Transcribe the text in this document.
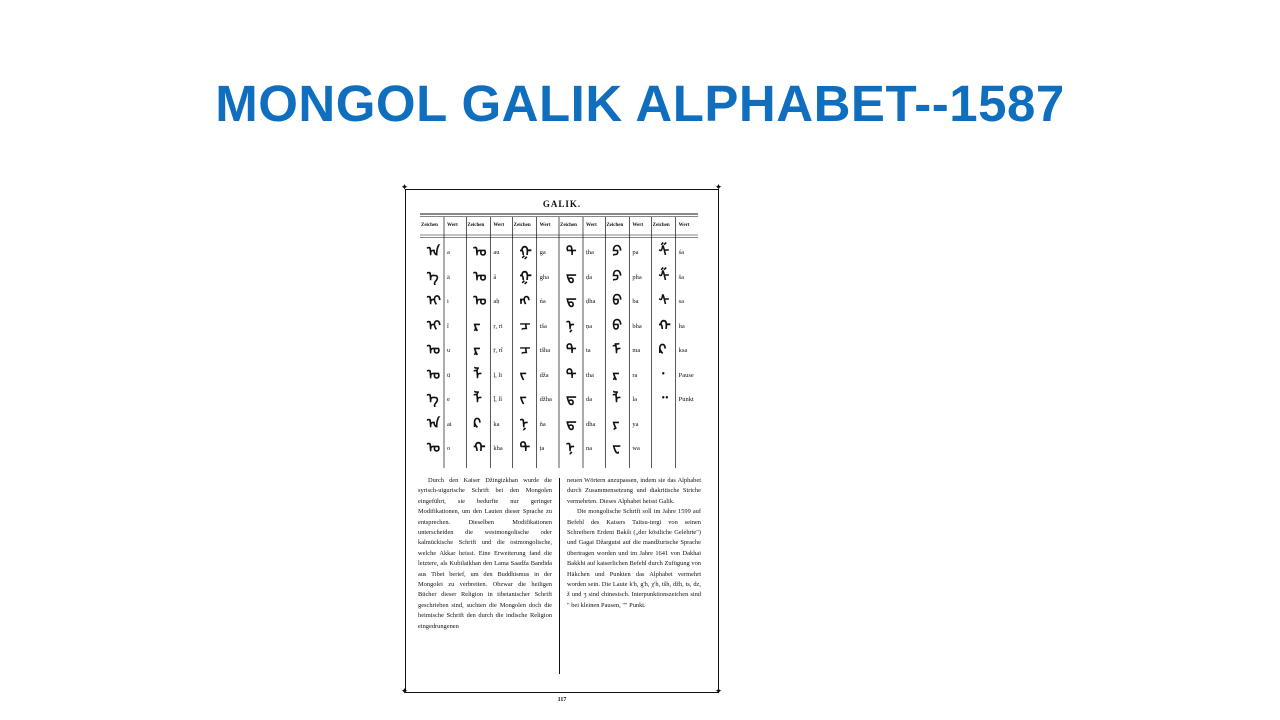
MONGOL GALIK ALPHABET--1587
✦	✦
✦	✦
GALIK.
Zeichen Wert Zeichen Wert Zeichen Wert Zeichen Wert Zeichen Wert Zeichen Wert
ᠠ a
ᠡ ä
ᠢ i
ᠢ î
ᠣ u
ᠤ ü
ᠡ e
ᠠ ai
ᠣ o
ᠣ au
ᠤ â
ᠣ aḥ
ᠷ ṛ, ri
ᠷ ṝ, rî
ᠯ ḷ, li
ᠯ ḹ, lî
ᠺ ka
ᠬ kha
ᠭ ga
ᠭ gha
ᠩ ńa
ᠴ tša
ᠴ tšha
ᠵ dža
ᠵ džha
ᠨ ña
ᠲ ṭa
ᠲ ṭha
ᠳ ḍa
ᠳ ḍha
ᠨ ṇa
ᠲ ta
ᠲ tha
ᠳ da
ᠳ dha
ᠨ na
ᠫ pa
ᠫ pha
ᠪ ba
ᠪ bha
ᠮ ma
ᠷ ra
ᠯ la
ᠶ ya
ᠸ wa
ᠱ śa
ᠱ ša
ᠰ sa
ᠬ ha
ᠺ ksa
᠂ Pause
᠃ Punkt

Durch den Kaiser Džingizkhan wurde die syrisch-uigurische Schrift bei den Mongolen eingeführt, sie bedurfte nur geringer Modifikationen, um den Lauten dieser Sprache zu entsprechen. Dieselben Modifikationen unterscheiden die westmongolische oder kalmückische Schrift und die ostmongolische, welche Akkar heisst. Eine Erweiterung fand die letztere, als Kubilaikhan den Lama Saadža Bandida aus Tibet berief, um den Buddhismus in der Mongolei zu verbreiten. Obzwar die heiligen Bücher dieser Religion in tibetanischer Schrift geschrieben sind, suchten die Mongolen doch die heimische Schrift den durch die indische Religion eingedrungenen

neuen Wörtern anzupassen, indem sie das Alphabet durch Zusammensetzung und diakritische Striche vermehrten. Dieses Alphabet heisst Galik.

Die mongolische Schrift soll im Jahre 1599 auf Befehl des Kaisers Taitsu-tergi von seinen Schreibern Erdeni Bakši („der köstliche Gelehrte") und Gagai Džargutsi auf die mandžurische Sprache übertragen worden und im Jahre 1641 von Dakhai Bakkhi auf kaiserlichen Befehl durch Zufügung von Häkchen und Punkten das Alphabet vermehrt worden sein. Die Laute k'h, g'h, χ'h, tšh, džh, ts, dz, ž und ʒ sind chinesisch. Interpunktionszeichen sind " bei kleinen Pausen, "" Punkt.

117
